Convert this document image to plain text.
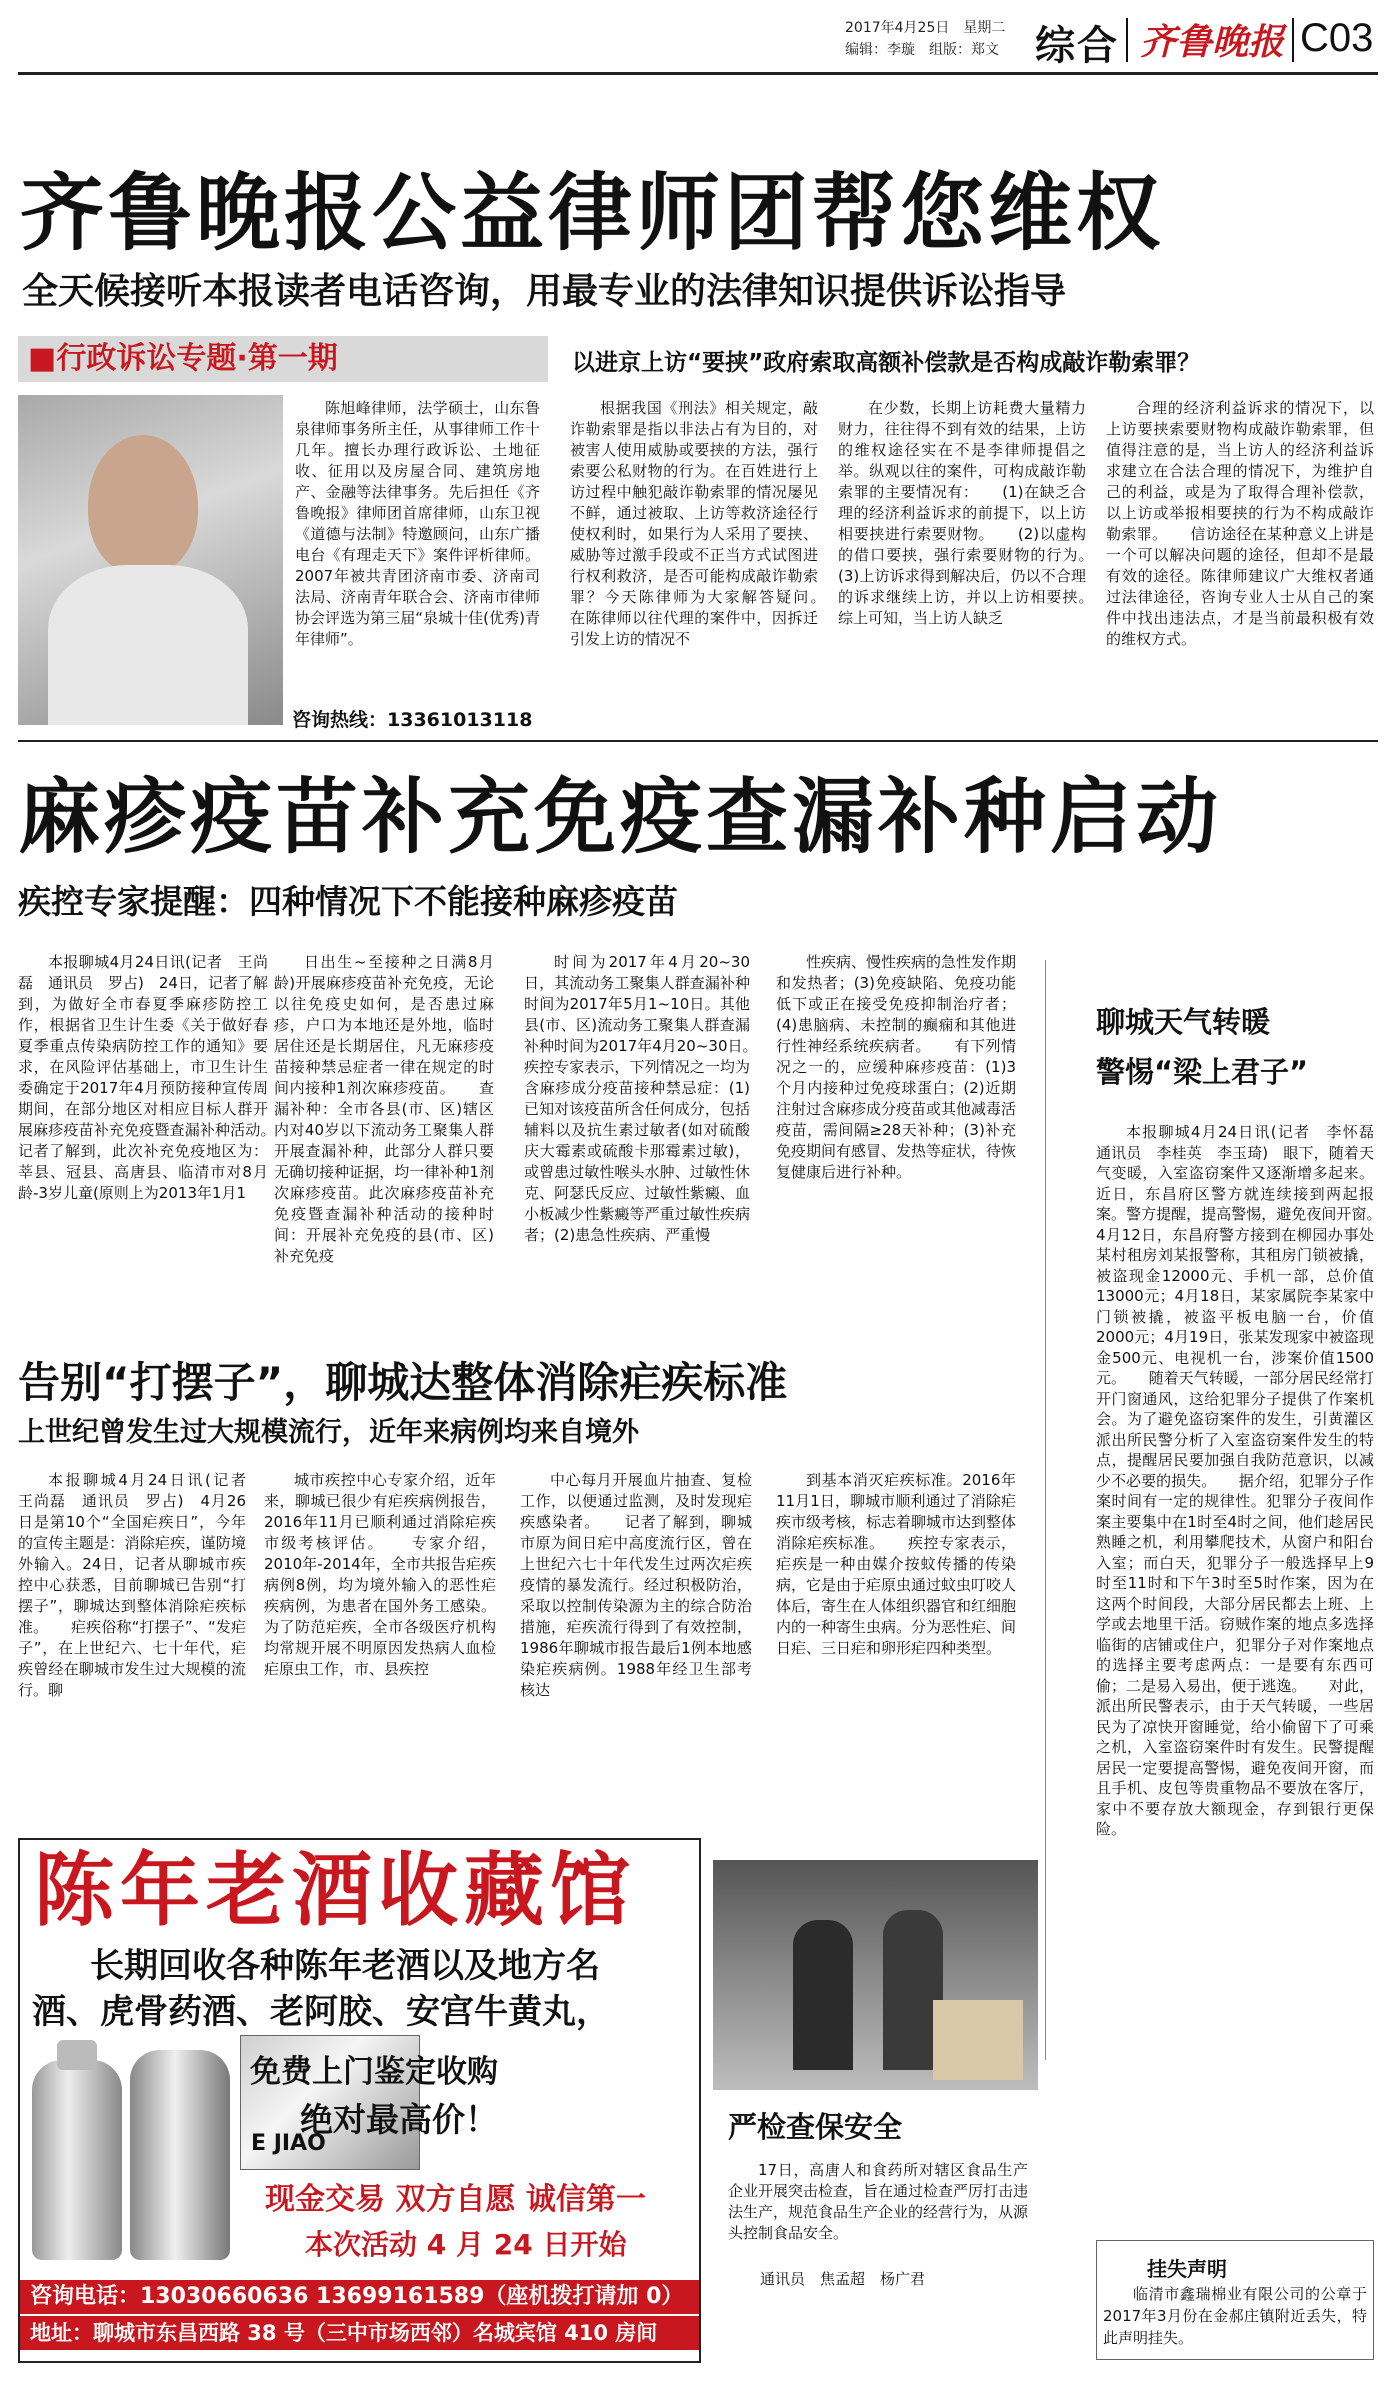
2017年4月25日　星期二
编辑：李璇　组版：郑文 综合 齐鲁晚报 C03
齐鲁晚报公益律师团帮您维权
全天候接听本报读者电话咨询，用最专业的法律知识提供诉讼指导
■行政诉讼专题·第一期	以进京上访“要挟”政府索取高额补偿款是否构成敲诈勒索罪？

陈旭峰律师，法学硕士，山东鲁泉律师事务所主任，从事律师工作十几年。擅长办理行政诉讼、土地征收、征用以及房屋合同、建筑房地产、金融等法律事务。先后担任《齐鲁晚报》律师团首席律师，山东卫视《道德与法制》特邀顾问，山东广播电台《有理走天下》案件评析律师。2007年被共青团济南市委、济南司法局、济南青年联合会、济南市律师协会评选为第三届“泉城十佳(优秀)青年律师”。

咨询热线：13361013118

根据我国《刑法》相关规定，敲诈勒索罪是指以非法占有为目的，对被害人使用威胁或要挟的方法，强行索要公私财物的行为。在百姓进行上访过程中触犯敲诈勒索罪的情况屡见不鲜，通过被取、上访等救济途径行使权利时，如果行为人采用了要挟、威胁等过激手段或不正当方式试图进行权利救济，是否可能构成敲诈勒索罪？今天陈律师为大家解答疑问。　　在陈律师以往代理的案件中，因拆迁引发上访的情况不

在少数，长期上访耗费大量精力财力，往往得不到有效的结果，上访的维权途径实在不是李律师提倡之举。纵观以往的案件，可构成敲诈勒索罪的主要情况有：　　(1)在缺乏合理的经济利益诉求的前提下，以上访相要挟进行索要财物。　　(2)以虚构的借口要挟，强行索要财物的行为。　　(3)上访诉求得到解决后，仍以不合理的诉求继续上访，并以上访相要挟。　　综上可知，当上访人缺乏

合理的经济利益诉求的情况下，以上访要挟索要财物构成敲诈勒索罪，但值得注意的是，当上访人的经济利益诉求建立在合法合理的情况下，为维护自己的利益，或是为了取得合理补偿款，以上访或举报相要挟的行为不构成敲诈勒索罪。　　信访途径在某种意义上讲是一个可以解决问题的途径，但却不是最有效的途径。陈律师建议广大维权者通过法律途径，咨询专业人士从自己的案件中找出违法点，才是当前最积极有效的维权方式。

麻疹疫苗补充免疫查漏补种启动
疾控专家提醒：四种情况下不能接种麻疹疫苗

本报聊城4月24日讯(记者　王尚磊　通讯员　罗占)　24日，记者了解到，为做好全市春夏季麻疹防控工作，根据省卫生计生委《关于做好春夏季重点传染病防控工作的通知》要求，在风险评估基础上，市卫生计生委确定于2017年4月预防接种宣传周期间，在部分地区对相应目标人群开展麻疹疫苗补充免疫暨查漏补种活动。　　记者了解到，此次补充免疫地区为：莘县、冠县、高唐县、临清市对8月龄-3岁儿童(原则上为2013年1月1

日出生~至接种之日满8月龄)开展麻疹疫苗补充免疫，无论以往免疫史如何，是否患过麻疹，户口为本地还是外地，临时居住还是长期居住，凡无麻疹疫苗接种禁忌症者一律在规定的时间内接种1剂次麻疹疫苗。　　查漏补种：全市各县(市、区)辖区内对40岁以下流动务工聚集人群开展查漏补种，此部分人群只要无确切接种证据，均一律补种1剂次麻疹疫苗。此次麻疹疫苗补充免疫暨查漏补种活动的接种时间：开展补充免疫的县(市、区)补充免疫

时间为2017年4月20~30日，其流动务工聚集人群查漏补种时间为2017年5月1~10日。其他县(市、区)流动务工聚集人群查漏补种时间为2017年4月20~30日。　　疾控专家表示，下列情况之一均为含麻疹成分疫苗接种禁忌症：(1)已知对该疫苗所含任何成分，包括辅料以及抗生素过敏者(如对硫酸庆大霉素或硫酸卡那霉素过敏)，或曾患过敏性喉头水肿、过敏性休克、阿瑟氏反应、过敏性紫癜、血小板减少性紫癜等严重过敏性疾病者；(2)患急性疾病、严重慢

性疾病、慢性疾病的急性发作期和发热者；(3)免疫缺陷、免疫功能低下或正在接受免疫抑制治疗者；(4)患脑病、未控制的癫痫和其他进行性神经系统疾病者。　　有下列情况之一的，应缓种麻疹疫苗：(1)3个月内接种过免疫球蛋白；(2)近期注射过含麻疹成分疫苗或其他减毒活疫苗，需间隔≥28天补种；(3)补充免疫期间有感冒、发热等症状，待恢复健康后进行补种。

告别“打摆子”，聊城达整体消除疟疾标准
上世纪曾发生过大规模流行，近年来病例均来自境外

本报聊城4月24日讯(记者　王尚磊　通讯员　罗占)　4月26日是第10个“全国疟疾日”，今年的宣传主题是：消除疟疾，谨防境外输入。24日，记者从聊城市疾控中心获悉，目前聊城已告别“打摆子”，聊城达到整体消除疟疾标准。　　疟疾俗称“打摆子”、“发疟子”，在上世纪六、七十年代，疟疾曾经在聊城市发生过大规模的流行。聊

城市疾控中心专家介绍，近年来，聊城已很少有疟疾病例报告，2016年11月已顺利通过消除疟疾市级考核评估。　　专家介绍，2010年-2014年，全市共报告疟疾病例8例，均为境外输入的恶性疟疾病例，为患者在国外务工感染。为了防范疟疾，全市各级医疗机构均常规开展不明原因发热病人血检疟原虫工作，市、县疾控

中心每月开展血片抽查、复检工作，以便通过监测，及时发现疟疾感染者。　　记者了解到，聊城市原为间日疟中高度流行区，曾在上世纪六七十年代发生过两次疟疾疫情的暴发流行。经过积极防治，采取以控制传染源为主的综合防治措施，疟疾流行得到了有效控制，1986年聊城市报告最后1例本地感染疟疾病例。1988年经卫生部考核达

到基本消灭疟疾标准。2016年11月1日，聊城市顺利通过了消除疟疾市级考核，标志着聊城市达到整体消除疟疾标准。　　疾控专家表示，疟疾是一种由媒介按蚊传播的传染病，它是由于疟原虫通过蚊虫叮咬人体后，寄生在人体组织器官和红细胞内的一种寄生虫病。分为恶性疟、间日疟、三日疟和卵形疟四种类型。

聊城天气转暖
警惕“梁上君子”

本报聊城4月24日讯(记者　李怀磊　通讯员　李桂英　李玉琦)　眼下，随着天气变暖，入室盗窃案件又逐渐增多起来。近日，东昌府区警方就连续接到两起报案。警方提醒，提高警惕，避免夜间开窗。　　4月12日，东昌府警方接到在柳园办事处某村租房刘某报警称，其租房门锁被撬，被盗现金12000元、手机一部，总价值13000元；4月18日，某家属院李某家中门锁被撬，被盗平板电脑一台，价值2000元；4月19日，张某发现家中被盗现金500元、电视机一台，涉案价值1500元。　　随着天气转暖，一部分居民经常打开门窗通风，这给犯罪分子提供了作案机会。为了避免盗窃案件的发生，引黄灌区派出所民警分析了入室盗窃案件发生的特点，提醒居民要加强自我防范意识，以减少不必要的损失。　　据介绍，犯罪分子作案时间有一定的规律性。犯罪分子夜间作案主要集中在1时至4时之间，他们趁居民熟睡之机，利用攀爬技术，从窗户和阳台入室；而白天，犯罪分子一般选择早上9时至11时和下午3时至5时作案，因为在这两个时间段，大部分居民都去上班、上学或去地里干活。窃贼作案的地点多选择临街的店铺或住户，犯罪分子对作案地点的选择主要考虑两点：一是要有东西可偷；二是易入易出，便于逃逸。　　对此，派出所民警表示，由于天气转暖，一些居民为了凉快开窗睡觉，给小偷留下了可乘之机，入室盗窃案件时有发生。民警提醒居民一定要提高警惕，避免夜间开窗，而且手机、皮包等贵重物品不要放在客厅，家中不要存放大额现金，存到银行更保险。

陈年老酒收藏馆
长期回收各种陈年老酒以及地方名
酒、虎骨药酒、老阿胶、安宫牛黄丸，
E JIAO
免费上门鉴定收购
绝对最高价！
现金交易 双方自愿 诚信第一
本次活动 4 月 24 日开始
咨询电话：13030660636 13699161589（座机拨打请加 0）
地址：聊城市东昌西路 38 号（三中市场西邻）名城宾馆 410 房间
严检查保安全

17日，高唐人和食药所对辖区食品生产企业开展突击检查，旨在通过检查严厉打击违法生产，规范食品生产企业的经营行为，从源头控制食品安全。

通讯员　焦孟超　杨广君	挂失声明

临清市鑫瑞棉业有限公司的公章于2017年3月份在金郝庄镇附近丢失，特此声明挂失。
